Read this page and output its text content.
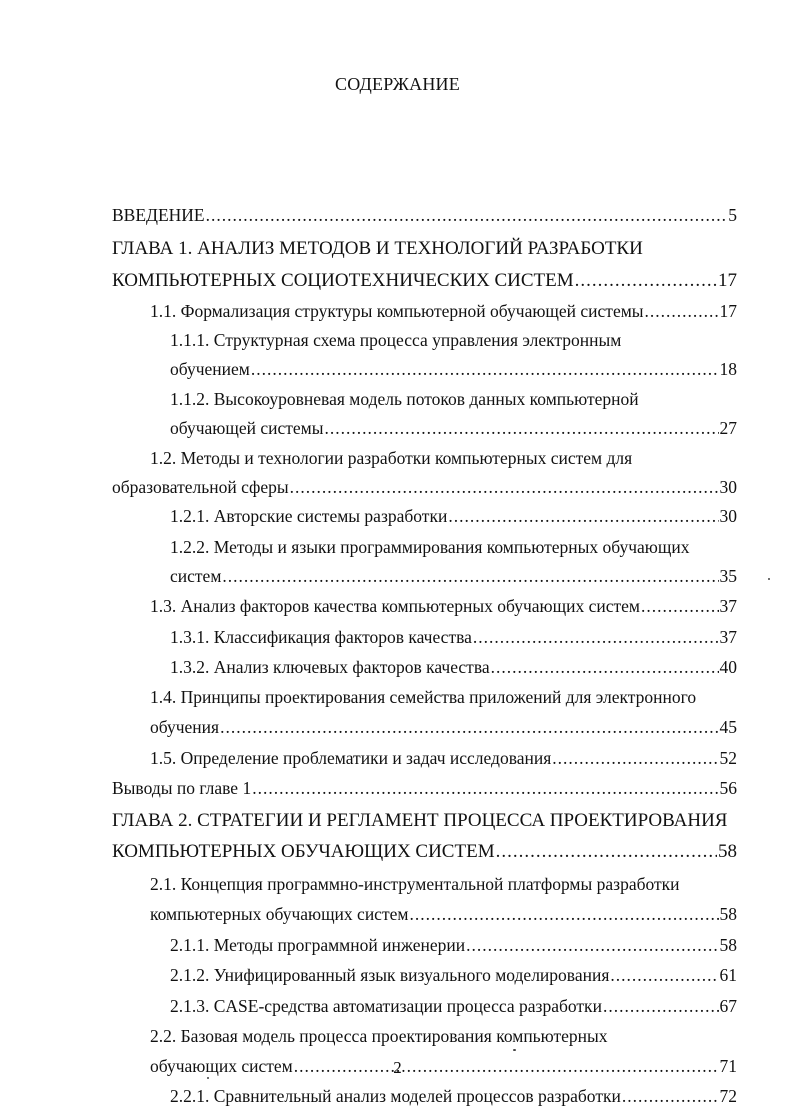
СОДЕРЖАНИЕ
ВВЕДЕНИЕ .....	5
ГЛАВА 1. АНАЛИЗ МЕТОДОВ И ТЕХНОЛОГИЙ РАЗРАБОТКИ
КОМПЬЮТЕРНЫХ СОЦИОТЕХНИЧЕСКИХ СИСТЕМ .....	17
1.1. Формализация структуры компьютерной обучающей системы .....	17
1.1.1. Структурная схема процесса управления электронным
обучением .....	18
1.1.2. Высокоуровневая модель потоков данных компьютерной
обучающей системы .....	27
1.2. Методы и технологии разработки компьютерных систем для
образовательной сферы .....	30
1.2.1. Авторские системы разработки .....	30
1.2.2. Методы и языки программирования компьютерных обучающих
систем .....	35
1.3. Анализ факторов качества компьютерных обучающих систем .....	37
1.3.1. Классификация факторов качества .....	37
1.3.2. Анализ ключевых факторов качества .....	40
1.4. Принципы проектирования семейства приложений для электронного
обучения .....	45
1.5. Определение проблематики и задач исследования .....	52
Выводы по главе 1 .....	56
ГЛАВА 2. СТРАТЕГИИ И РЕГЛАМЕНТ ПРОЦЕССА ПРОЕКТИРОВАНИЯ
КОМПЬЮТЕРНЫХ ОБУЧАЮЩИХ СИСТЕМ .....	58
2.1. Концепция программно-инструментальной платформы разработки
компьютерных обучающих систем .....	58
2.1.1. Методы программной инженерии .....	58
2.1.2. Унифицированный язык визуального моделирования .....	61
2.1.3. CASE-средства автоматизации процесса разработки .....	67
2.2. Базовая модель процесса проектирования компьютерных
обучающих систем .....	71
2.2.1. Сравнительный анализ моделей процессов разработки .....	72
2
